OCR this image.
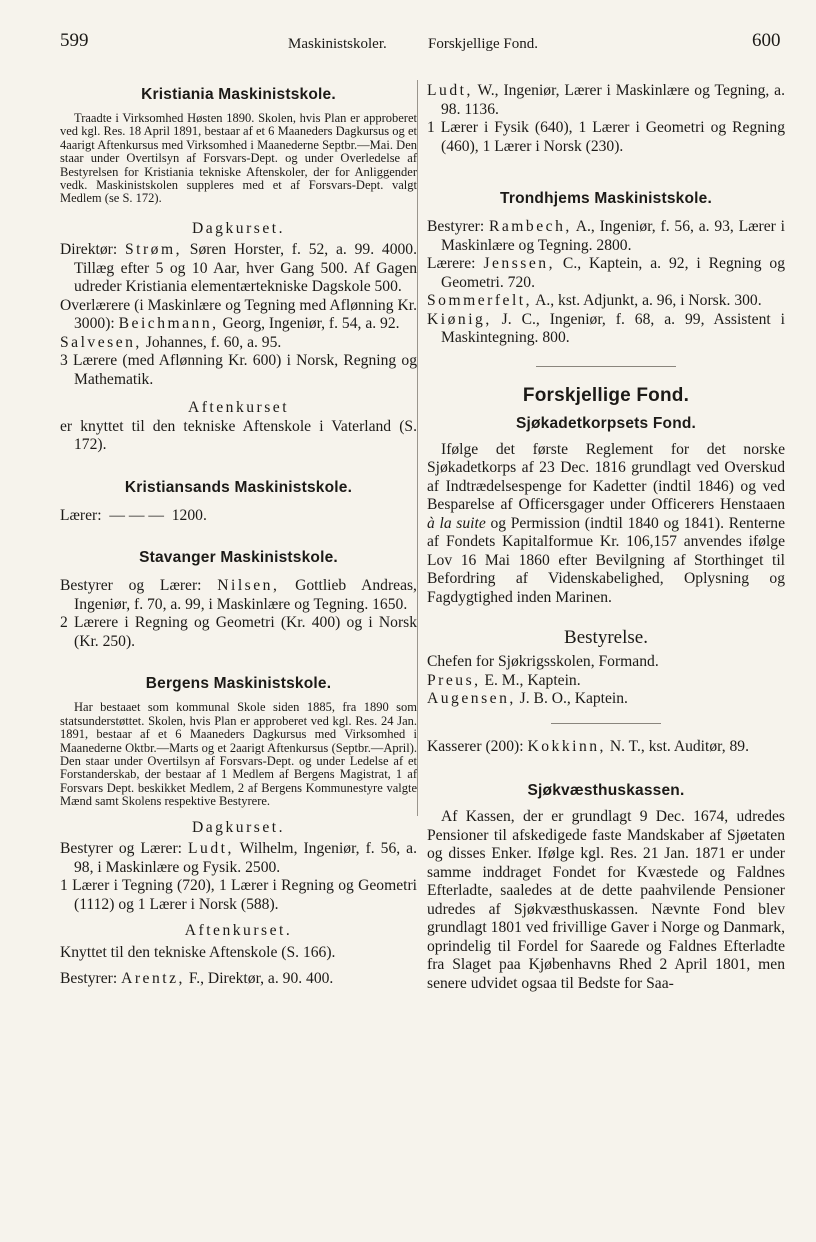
599	Maskinistskoler.	Forskjellige Fond.	600
Kristiania Maskinistskole.

Traadte i Virksomhed Høsten 1890. Skolen, hvis Plan er approberet ved kgl. Res. 18 April 1891, bestaar af et 6 Maaneders Dagkursus og et 4aarigt Aftenkursus med Virksomhed i Maanederne Septbr.—Mai. Den staar under Overtilsyn af Forsvars-Dept. og under Overledelse af Bestyrelsen for Kristiania tekniske Aftenskoler, der for Anliggender vedk. Maskinistskolen suppleres med et af Forsvars-Dept. valgt Medlem (se S. 172).

Dagkurset.

Direktør: Strøm, Søren Horster, f. 52, a. 99. 4000. Tillæg efter 5 og 10 Aar, hver Gang 500. Af Gagen udreder Kristiania elementærtekniske Dagskole 500.

Overlærere (i Maskinlære og Tegning med Aflønning Kr. 3000): Beichmann, Georg, Ingeniør, f. 54, a. 92.

Salvesen, Johannes, f. 60, a. 95.

3 Lærere (med Aflønning Kr. 600) i Norsk, Regning og Mathematik.

Aftenkurset

er knyttet til den tekniske Aftenskole i Vaterland (S. 172).

Kristiansands Maskinistskole.

Lærer: — — — 1200.

Stavanger Maskinistskole.

Bestyrer og Lærer: Nilsen, Gottlieb Andreas, Ingeniør, f. 70, a. 99, i Maskinlære og Tegning. 1650.

2 Lærere i Regning og Geometri (Kr. 400) og i Norsk (Kr. 250).

Bergens Maskinistskole.

Har bestaaet som kommunal Skole siden 1885, fra 1890 som statsunderstøttet. Skolen, hvis Plan er approberet ved kgl. Res. 24 Jan. 1891, bestaar af et 6 Maaneders Dagkursus med Virksomhed i Maanederne Oktbr.—Marts og et 2aarigt Aftenkursus (Septbr.—April). Den staar under Overtilsyn af Forsvars-Dept. og under Ledelse af et Forstanderskab, der bestaar af 1 Medlem af Bergens Magistrat, 1 af Forsvars Dept. beskikket Medlem, 2 af Bergens Kommunestyre valgte Mænd samt Skolens respektive Bestyrere.

Dagkurset.

Bestyrer og Lærer: Ludt, Wilhelm, Ingeniør, f. 56, a. 98, i Maskinlære og Fysik. 2500.

1 Lærer i Tegning (720), 1 Lærer i Regning og Geometri (1112) og 1 Lærer i Norsk (588).

Aftenkurset.

Knyttet til den tekniske Aftenskole (S. 166).

Bestyrer: Arentz, F., Direktør, a. 90. 400.

Ludt, W., Ingeniør, Lærer i Maskinlære og Tegning, a. 98. 1136.

1 Lærer i Fysik (640), 1 Lærer i Geometri og Regning (460), 1 Lærer i Norsk (230).

Trondhjems Maskinistskole.

Bestyrer: Rambech, A., Ingeniør, f. 56, a. 93, Lærer i Maskinlære og Tegning. 2800.

Lærere: Jenssen, C., Kaptein, a. 92, i Regning og Geometri. 720.

Sommerfelt, A., kst. Adjunkt, a. 96, i Norsk. 300.

Kiønig, J. C., Ingeniør, f. 68, a. 99, Assistent i Maskintegning. 800.

Forskjellige Fond.
Sjøkadetkorpsets Fond.

Ifølge det første Reglement for det norske Sjøkadetkorps af 23 Dec. 1816 grundlagt ved Overskud af Indtrædelsespenge for Kadetter (indtil 1846) og ved Besparelse af Officersgager under Officerers Henstaaen à la suite og Permission (indtil 1840 og 1841). Renterne af Fondets Kapitalformue Kr. 106,157 anvendes ifølge Lov 16 Mai 1860 efter Bevilgning af Storthinget til Befordring af Videnskabelighed, Oplysning og Fagdygtighed inden Marinen.

Bestyrelse.

Chefen for Sjøkrigsskolen, Formand.

Preus, E. M., Kaptein.

Augensen, J. B. O., Kaptein.

Kasserer (200): Kokkinn, N. T., kst. Auditør, 89.

Sjøkvæsthuskassen.

Af Kassen, der er grundlagt 9 Dec. 1674, udredes Pensioner til afskedigede faste Mandskaber af Sjøetaten og disses Enker. Ifølge kgl. Res. 21 Jan. 1871 er under samme inddraget Fondet for Kvæstede og Faldnes Efterladte, saaledes at de dette paahvilende Pensioner udredes af Sjøkvæsthuskassen. Nævnte Fond blev grundlagt 1801 ved frivillige Gaver i Norge og Danmark, oprindelig til Fordel for Saarede og Faldnes Efterladte fra Slaget paa Kjøbenhavns Rhed 2 April 1801, men senere udvidet ogsaa til Bedste for Saa-
